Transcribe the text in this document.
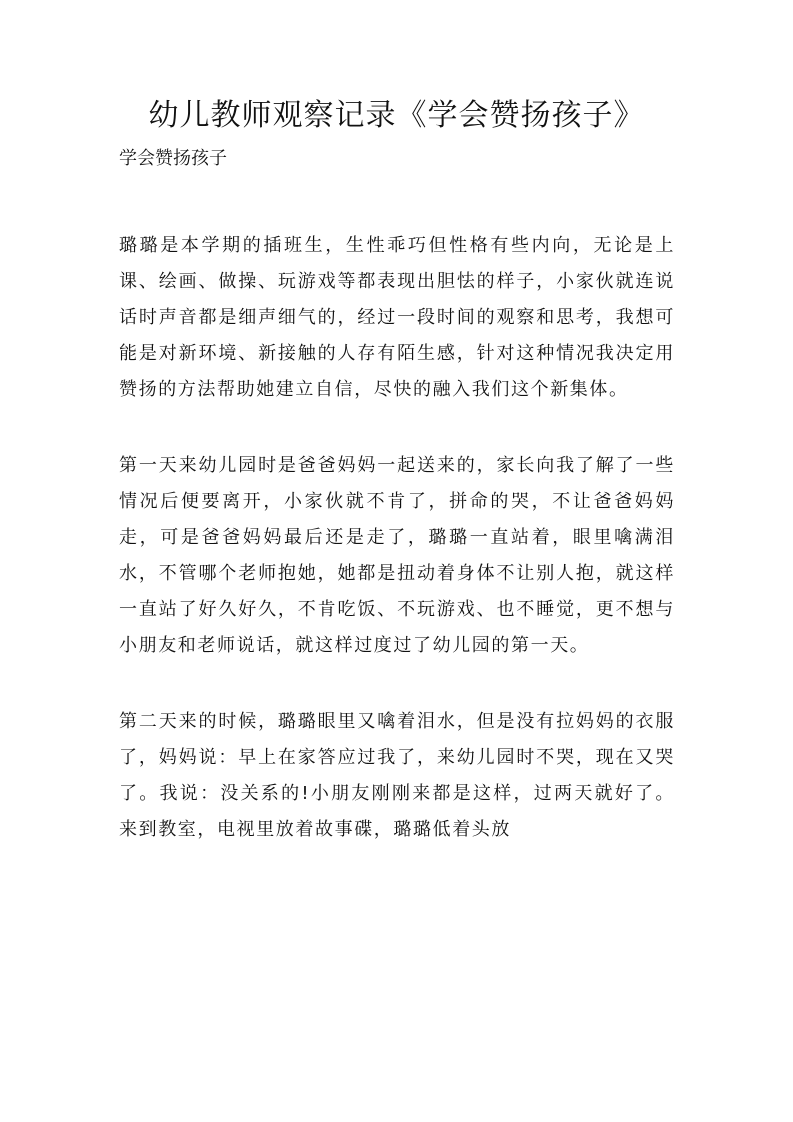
幼儿教师观察记录《学会赞扬孩子》
学会赞扬孩子

璐璐是本学期的插班生，生性乖巧但性格有些内向，无论是上课、绘画、做操、玩游戏等都表现出胆怯的样子，小家伙就连说话时声音都是细声细气的，经过一段时间的观察和思考，我想可能是对新环境、新接触的人存有陌生感，针对这种情况我决定用赞扬的方法帮助她建立自信，尽快的融入我们这个新集体。

第一天来幼儿园时是爸爸妈妈一起送来的，家长向我了解了一些情况后便要离开，小家伙就不肯了，拼命的哭，不让爸爸妈妈走，可是爸爸妈妈最后还是走了，璐璐一直站着，眼里噙满泪水，不管哪个老师抱她，她都是扭动着身体不让别人抱，就这样一直站了好久好久，不肯吃饭、不玩游戏、也不睡觉，更不想与小朋友和老师说话，就这样过度过了幼儿园的第一天。

第二天来的时候，璐璐眼里又噙着泪水，但是没有拉妈妈的衣服了，妈妈说：早上在家答应过我了，来幼儿园时不哭，现在又哭了。我说：没关系的!小朋友刚刚来都是这样，过两天就好了。来到教室，电视里放着故事碟，璐璐低着头放
